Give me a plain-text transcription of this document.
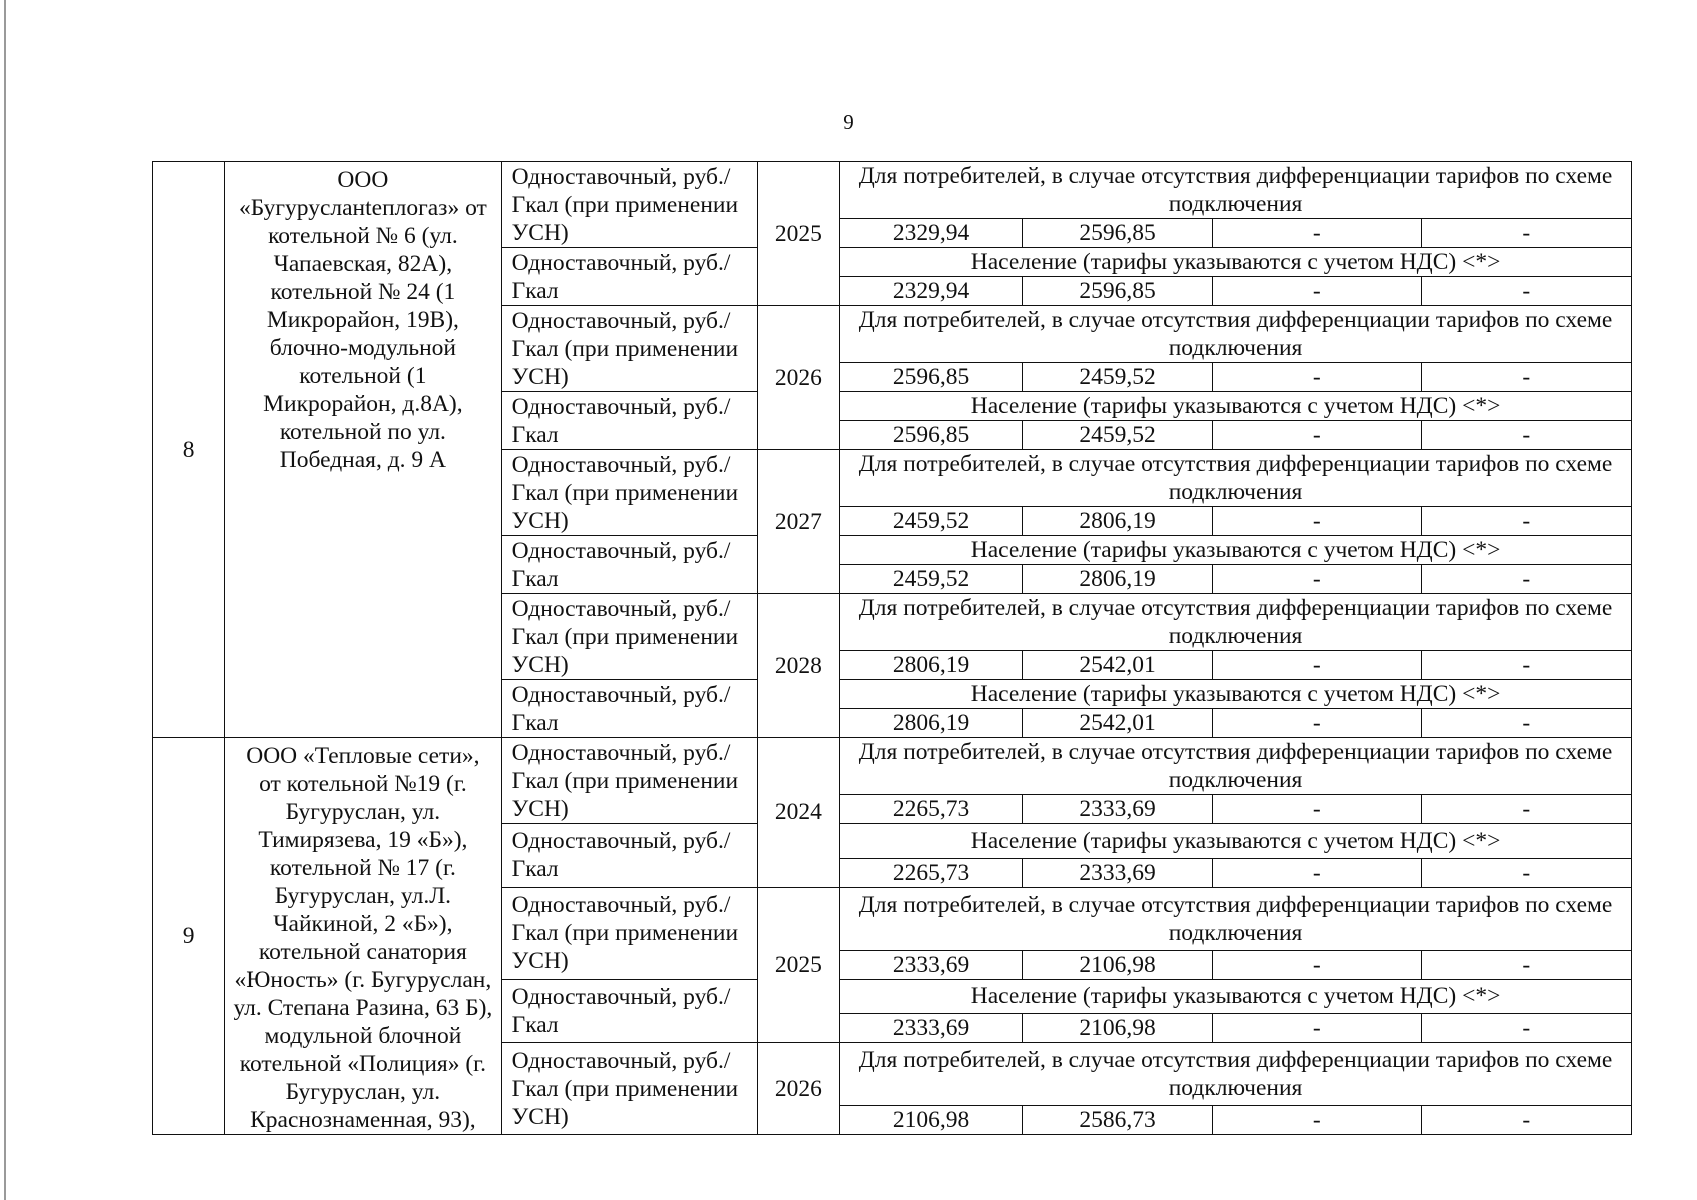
9
8	ООО «Бугурусланteплогаз» от котельной № 6 (ул. Чапаевская, 82А), котельной № 24 (1 Микрорайон, 19В), блочно-модульной котельной (1 Микрорайон, д.8А), котельной по ул. Победная, д. 9 А	Одноставочный, руб./Гкал (при применении УСН)	2025	Для потребителей, в случае отсутствия дифференциации тарифов по схеме подключения			
				2329,94	2596,85	-	-
		Одноставочный, руб./Гкал		Население (тарифы указываются с учетом НДС) <*>			
				2329,94	2596,85	-	-
		Одноставочный, руб./Гкал (при применении УСН)	2026	Для потребителей, в случае отсутствия дифференциации тарифов по схеме подключения			
				2596,85	2459,52	-	-
		Одноставочный, руб./Гкал		Население (тарифы указываются с учетом НДС) <*>			
				2596,85	2459,52	-	-
		Одноставочный, руб./Гкал (при применении УСН)	2027	Для потребителей, в случае отсутствия дифференциации тарифов по схеме подключения			
				2459,52	2806,19	-	-
		Одноставочный, руб./Гкал		Население (тарифы указываются с учетом НДС) <*>			
				2459,52	2806,19	-	-
		Одноставочный, руб./Гкал (при применении УСН)	2028	Для потребителей, в случае отсутствия дифференциации тарифов по схеме подключения			
				2806,19	2542,01	-	-
		Одноставочный, руб./Гкал		Население (тарифы указываются с учетом НДС) <*>			
				2806,19	2542,01	-	-
9	ООО «Тепловые сети», от котельной №19 (г. Бугуруслан, ул. Тимирязева, 19 «Б»), котельной № 17 (г. Бугуруслан, ул.Л. Чайкиной, 2 «Б»), котельной санатория «Юность» (г. Бугуруслан, ул. Степана Разина, 63 Б), модульной блочной котельной «Полиция» (г. Бугуруслан, ул. Краснознаменная, 93),	Одноставочный, руб./Гкал (при применении УСН)	2024	Для потребителей, в случае отсутствия дифференциации тарифов по схеме подключения			
				2265,73	2333,69	-	-
		Одноставочный, руб./Гкал		Население (тарифы указываются с учетом НДС) <*>			
				2265,73	2333,69	-	-
		Одноставочный, руб./Гкал (при применении УСН)	2025	Для потребителей, в случае отсутствия дифференциации тарифов по схеме подключения			
				2333,69	2106,98	-	-
		Одноставочный, руб./Гкал		Население (тарифы указываются с учетом НДС) <*>			
				2333,69	2106,98	-	-
		Одноставочный, руб./Гкал (при применении УСН)	2026	Для потребителей, в случае отсутствия дифференциации тарифов по схеме подключения			
				2106,98	2586,73	-	-
